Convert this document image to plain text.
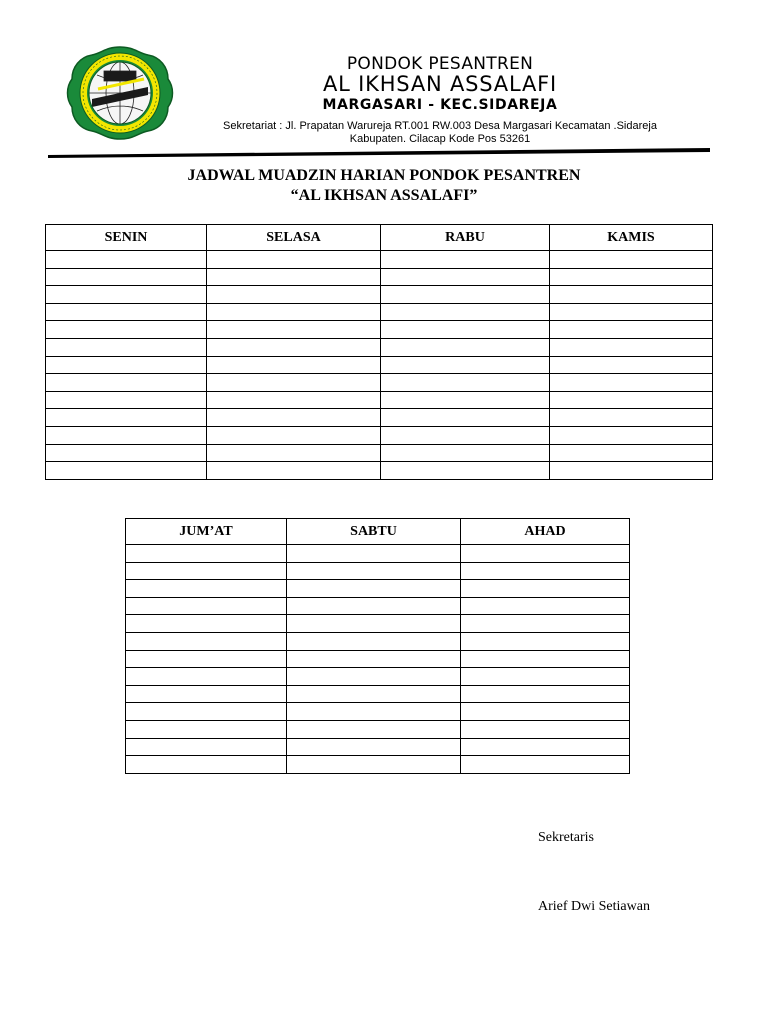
PONDOK PESANTREN
AL IKHSAN ASSALAFI
MARGASARI - KEC.SIDAREJA
Sekretariat : Jl. Prapatan Warureja RT.001 RW.003 Desa Margasari Kecamatan .Sidareja
Kabupaten. Cilacap Kode Pos 53261
JADWAL MUADZIN HARIAN PONDOK PESANTREN
“AL IKHSAN ASSALAFI”
SENIN	SELASA	RABU	KAMIS

JUM’AT	SABTU	AHAD

Sekretaris
Arief Dwi Setiawan
